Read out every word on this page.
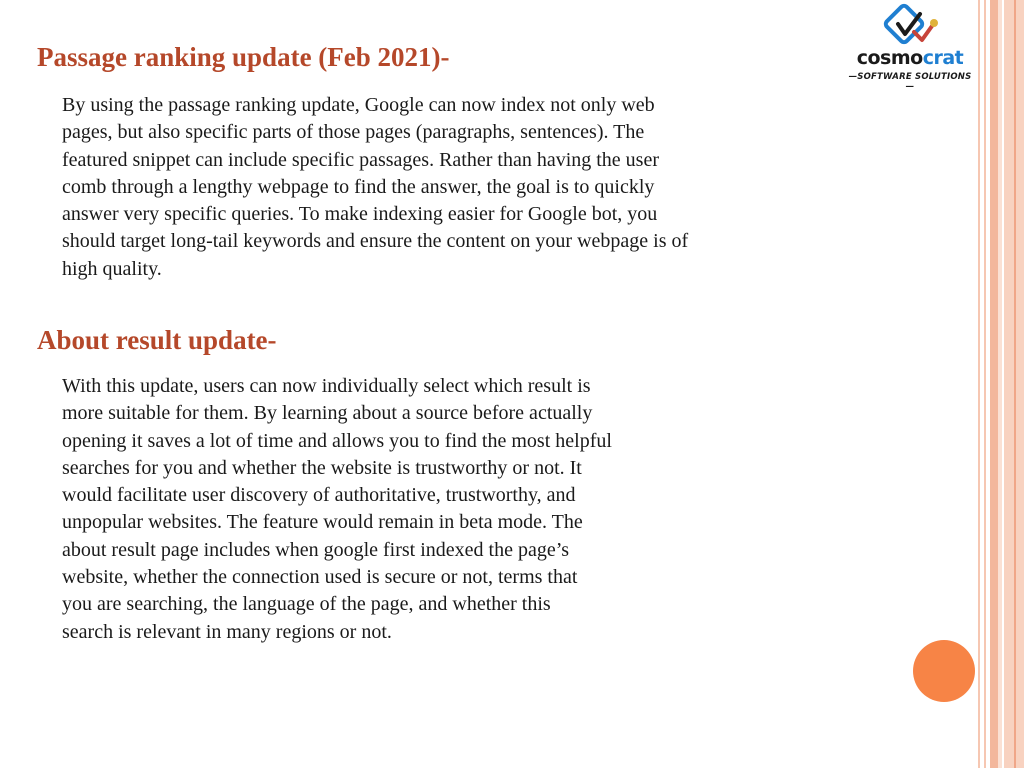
cosmocrat
—SOFTWARE SOLUTIONS—
Passage ranking update (Feb 2021)-

By using the passage ranking update, Google can now index not only web
pages, but also specific parts of those pages (paragraphs, sentences). The
featured snippet can include specific passages. Rather than having the user
comb through a lengthy webpage to find the answer, the goal is to quickly
answer very specific queries. To make indexing easier for Google bot, you
should target long-tail keywords and ensure the content on your webpage is of
high quality.

About result update-

With this update, users can now individually select which result is
more suitable for them. By learning about a source before actually
opening it saves a lot of time and allows you to find the most helpful
searches for you and whether the website is trustworthy or not. It
would facilitate user discovery of authoritative, trustworthy, and
unpopular websites. The feature would remain in beta mode. The
about result page includes when google first indexed the page’s
website, whether the connection used is secure or not, terms that
you are searching, the language of the page, and whether this
search is relevant in many regions or not.
